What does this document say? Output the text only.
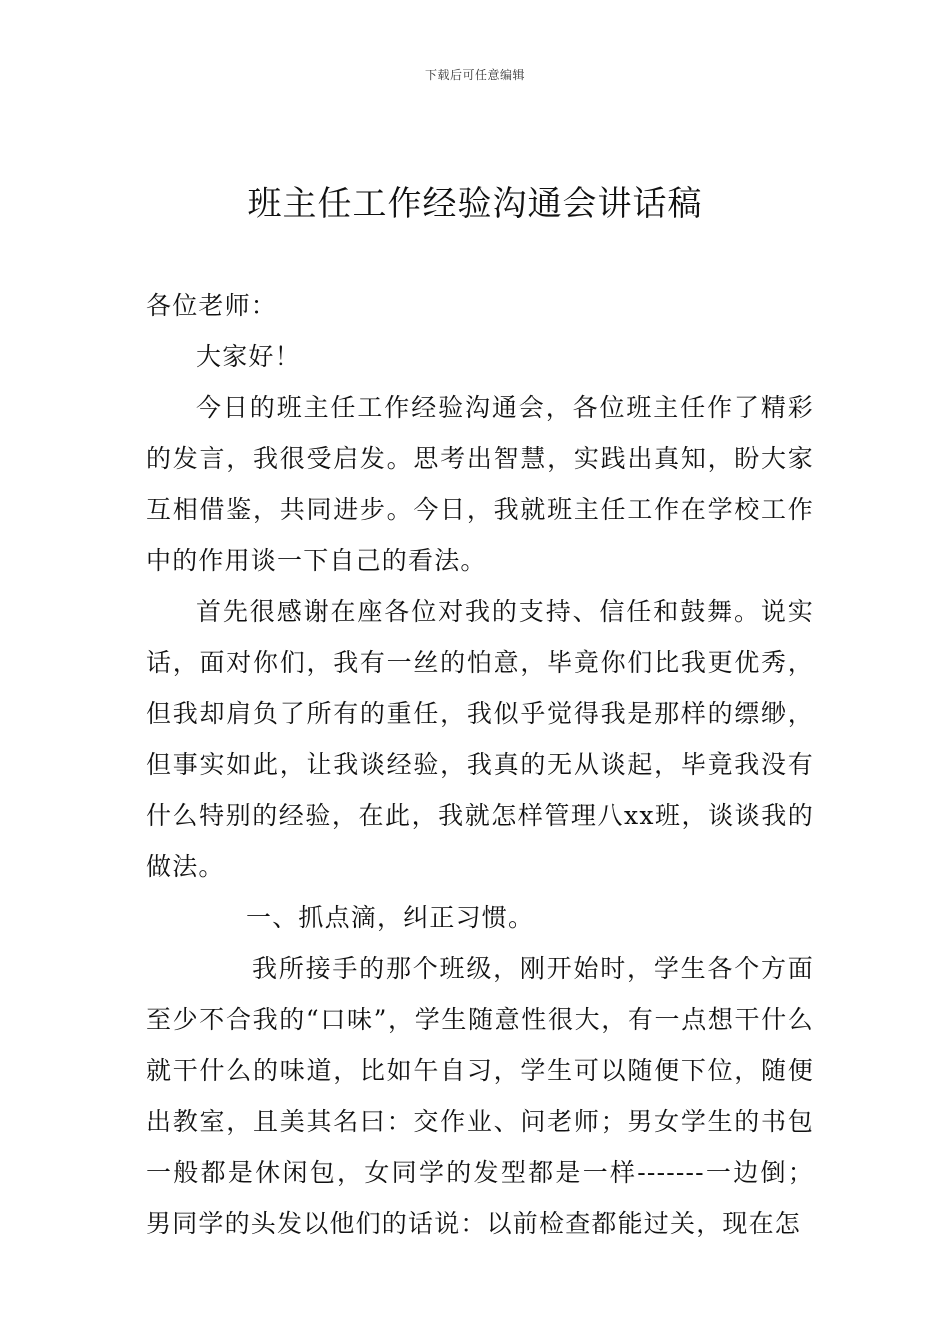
下载后可任意编辑
班主任工作经验沟通会讲话稿

各位老师：

大家好！

今日的班主任工作经验沟通会，各位班主任作了精彩的发言，我很受启发。思考出智慧，实践出真知，盼大家互相借鉴，共同进步。今日，我就班主任工作在学校工作中的作用谈一下自己的看法。

首先很感谢在座各位对我的支持、信任和鼓舞。说实话，面对你们，我有一丝的怕意，毕竟你们比我更优秀，但我却肩负了所有的重任，我似乎觉得我是那样的缥缈，但事实如此，让我谈经验，我真的无从谈起，毕竟我没有什么特别的经验，在此，我就怎样管理八xx班，谈谈我的做法。

一、抓点滴，纠正习惯。

我所接手的那个班级，刚开始时，学生各个方面至少不合我的“口味”，学生随意性很大，有一点想干什么就干什么的味道，比如午自习，学生可以随便下位，随便出教室，且美其名曰：交作业、问老师；男女学生的书包一般都是休闲包，女同学的发型都是一样-------一边倒；男同学的头发以他们的话说：以前检查都能过关，现在怎
